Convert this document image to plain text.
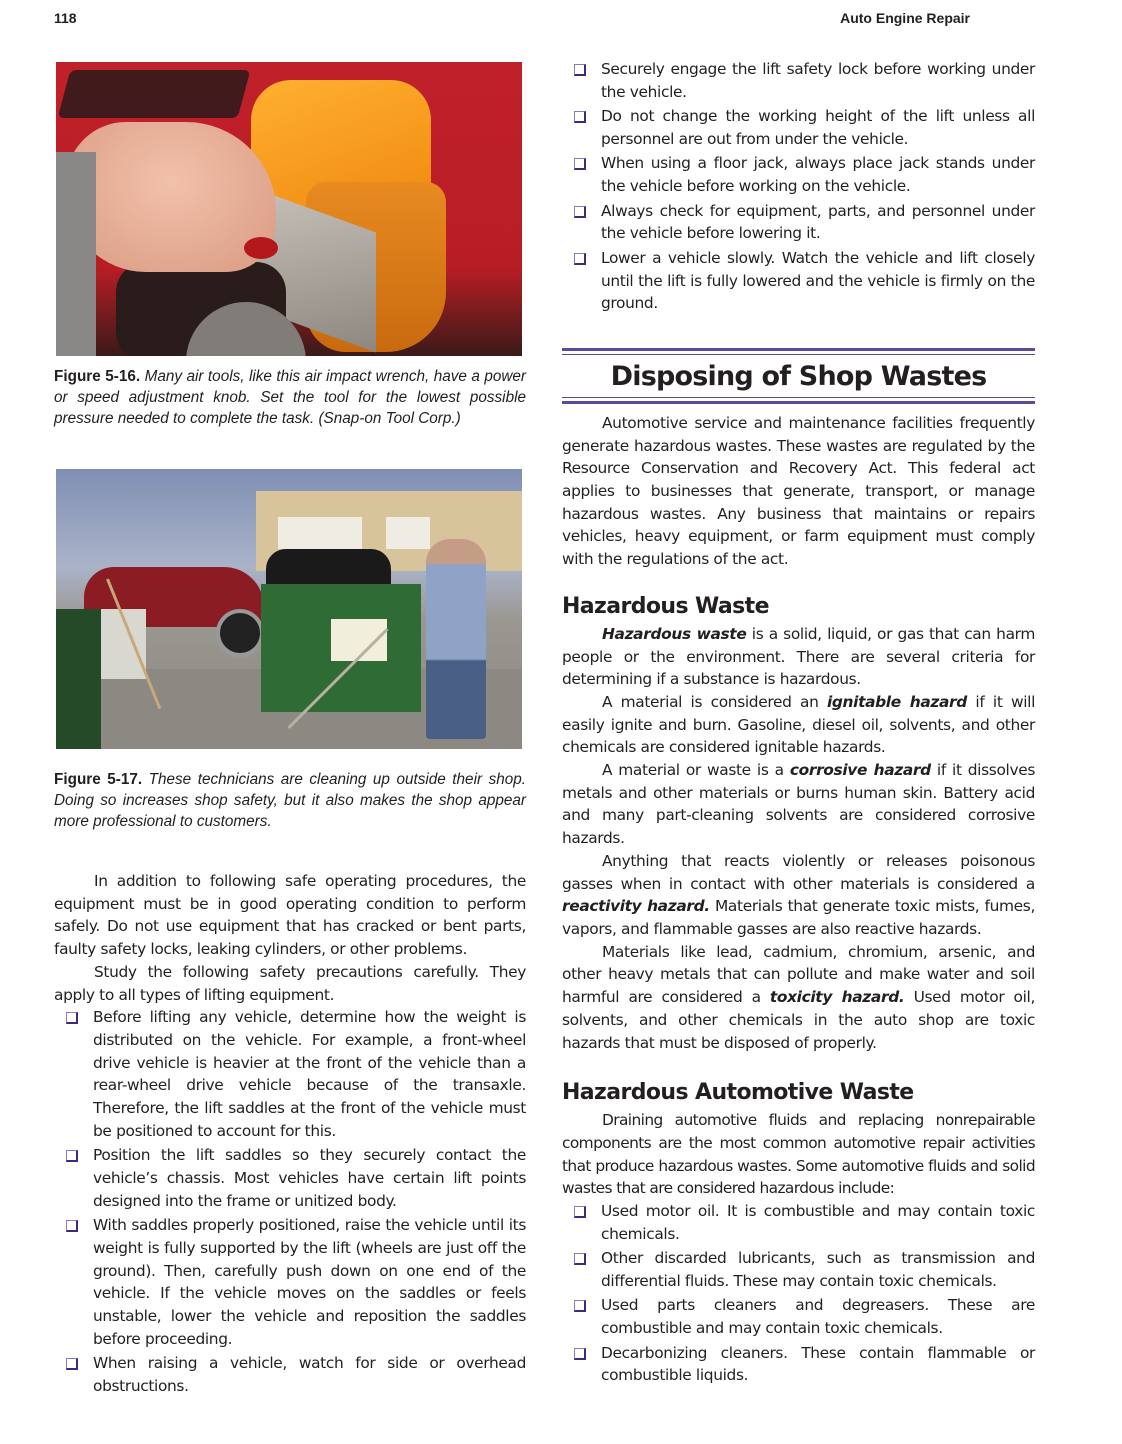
118	Auto Engine Repair

Figure 5-16. Many air tools, like this air impact wrench, have a power or speed adjustment knob. Set the tool for the lowest possible pressure needed to complete the task. (Snap-on Tool Corp.)

Figure 5-17. These technicians are cleaning up outside their shop. Doing so increases shop safety, but it also makes the shop appear more professional to customers.

In addition to following safe operating procedures, the equipment must be in good operating condition to perform safely. Do not use equipment that has cracked or bent parts, faulty safety locks, leaking cylinders, or other problems.

Study the following safety precautions carefully. They apply to all types of lifting equipment.

Before lifting any vehicle, determine how the weight is distributed on the vehicle. For example, a front-wheel drive vehicle is heavier at the front of the vehicle than a rear-wheel drive vehicle because of the transaxle. Therefore, the lift saddles at the front of the vehicle must be positioned to account for this.
Position the lift saddles so they securely contact the vehicle’s chassis. Most vehicles have certain lift points designed into the frame or unitized body.
With saddles properly positioned, raise the vehicle until its weight is fully supported by the lift (wheels are just off the ground). Then, carefully push down on one end of the vehicle. If the vehicle moves on the saddles or feels unstable, lower the vehicle and reposition the saddles before proceeding.
When raising a vehicle, watch for side or overhead obstructions.
Securely engage the lift safety lock before working under the vehicle.
Do not change the working height of the lift unless all personnel are out from under the vehicle.
When using a floor jack, always place jack stands under the vehicle before working on the vehicle.
Always check for equipment, parts, and personnel under the vehicle before lowering it.
Lower a vehicle slowly. Watch the vehicle and lift closely until the lift is fully lowered and the vehicle is firmly on the ground.
Disposing of Shop Wastes

Automotive service and maintenance facilities frequently generate hazardous wastes. These wastes are regulated by the Resource Conservation and Recovery Act. This federal act applies to businesses that generate, transport, or manage hazardous wastes. Any business that maintains or repairs vehicles, heavy equipment, or farm equipment must comply with the regulations of the act.

Hazardous Waste

Hazardous waste is a solid, liquid, or gas that can harm people or the environment. There are several criteria for determining if a substance is hazardous.

A material is considered an ignitable hazard if it will easily ignite and burn. Gasoline, diesel oil, solvents, and other chemicals are considered ignitable hazards.

A material or waste is a corrosive hazard if it dissolves metals and other materials or burns human skin. Battery acid and many part-cleaning solvents are considered corrosive hazards.

Anything that reacts violently or releases poisonous gasses when in contact with other materials is considered a reactivity hazard. Materials that generate toxic mists, fumes, vapors, and flammable gasses are also reactive hazards.

Materials like lead, cadmium, chromium, arsenic, and other heavy metals that can pollute and make water and soil harmful are considered a toxicity hazard. Used motor oil, solvents, and other chemicals in the auto shop are toxic hazards that must be disposed of properly.

Hazardous Automotive Waste

Draining automotive fluids and replacing nonrepairable components are the most common automotive repair activities that produce hazardous wastes. Some automotive fluids and solid wastes that are considered hazardous include:

Used motor oil. It is combustible and may contain toxic chemicals.
Other discarded lubricants, such as transmission and differential fluids. These may contain toxic chemicals.
Used parts cleaners and degreasers. These are combustible and may contain toxic chemicals.
Decarbonizing cleaners. These contain flammable or combustible liquids.
